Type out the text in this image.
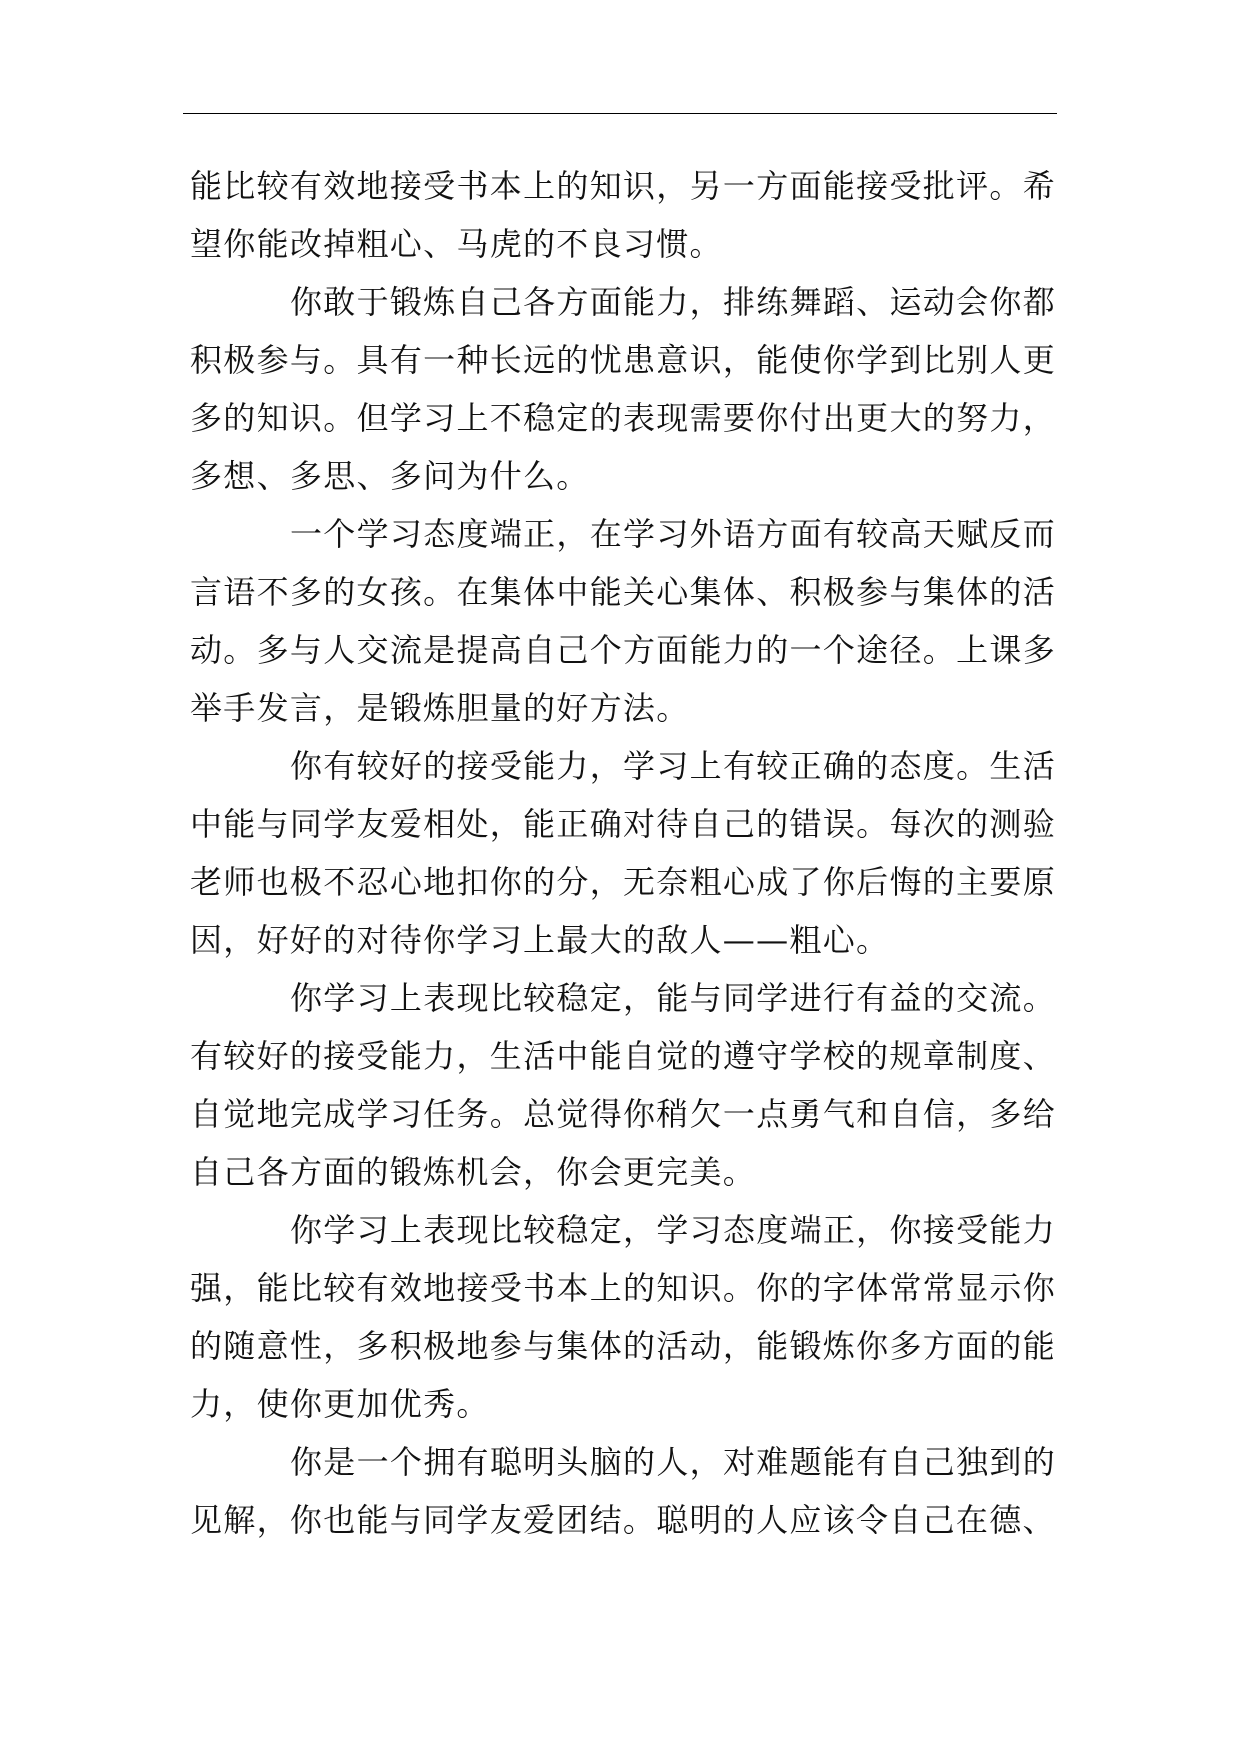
能比较有效地接受书本上的知识，另一方面能接受批评。希望你能改掉粗心、马虎的不良习惯。

你敢于锻炼自己各方面能力，排练舞蹈、运动会你都积极参与。具有一种长远的忧患意识，能使你学到比别人更多的知识。但学习上不稳定的表现需要你付出更大的努力，多想、多思、多问为什么。

一个学习态度端正，在学习外语方面有较高天赋反而言语不多的女孩。在集体中能关心集体、积极参与集体的活动。多与人交流是提高自己个方面能力的一个途径。上课多举手发言，是锻炼胆量的好方法。

你有较好的接受能力，学习上有较正确的态度。生活中能与同学友爱相处，能正确对待自己的错误。每次的测验老师也极不忍心地扣你的分，无奈粗心成了你后悔的主要原因，好好的对待你学习上最大的敌人——粗心。

你学习上表现比较稳定，能与同学进行有益的交流。有较好的接受能力，生活中能自觉的遵守学校的规章制度、自觉地完成学习任务。总觉得你稍欠一点勇气和自信，多给自己各方面的锻炼机会，你会更完美。

你学习上表现比较稳定，学习态度端正，你接受能力强，能比较有效地接受书本上的知识。你的字体常常显示你的随意性，多积极地参与集体的活动，能锻炼你多方面的能力，使你更加优秀。

你是一个拥有聪明头脑的人，对难题能有自己独到的见解，你也能与同学友爱团结。聪明的人应该令自己在德、
